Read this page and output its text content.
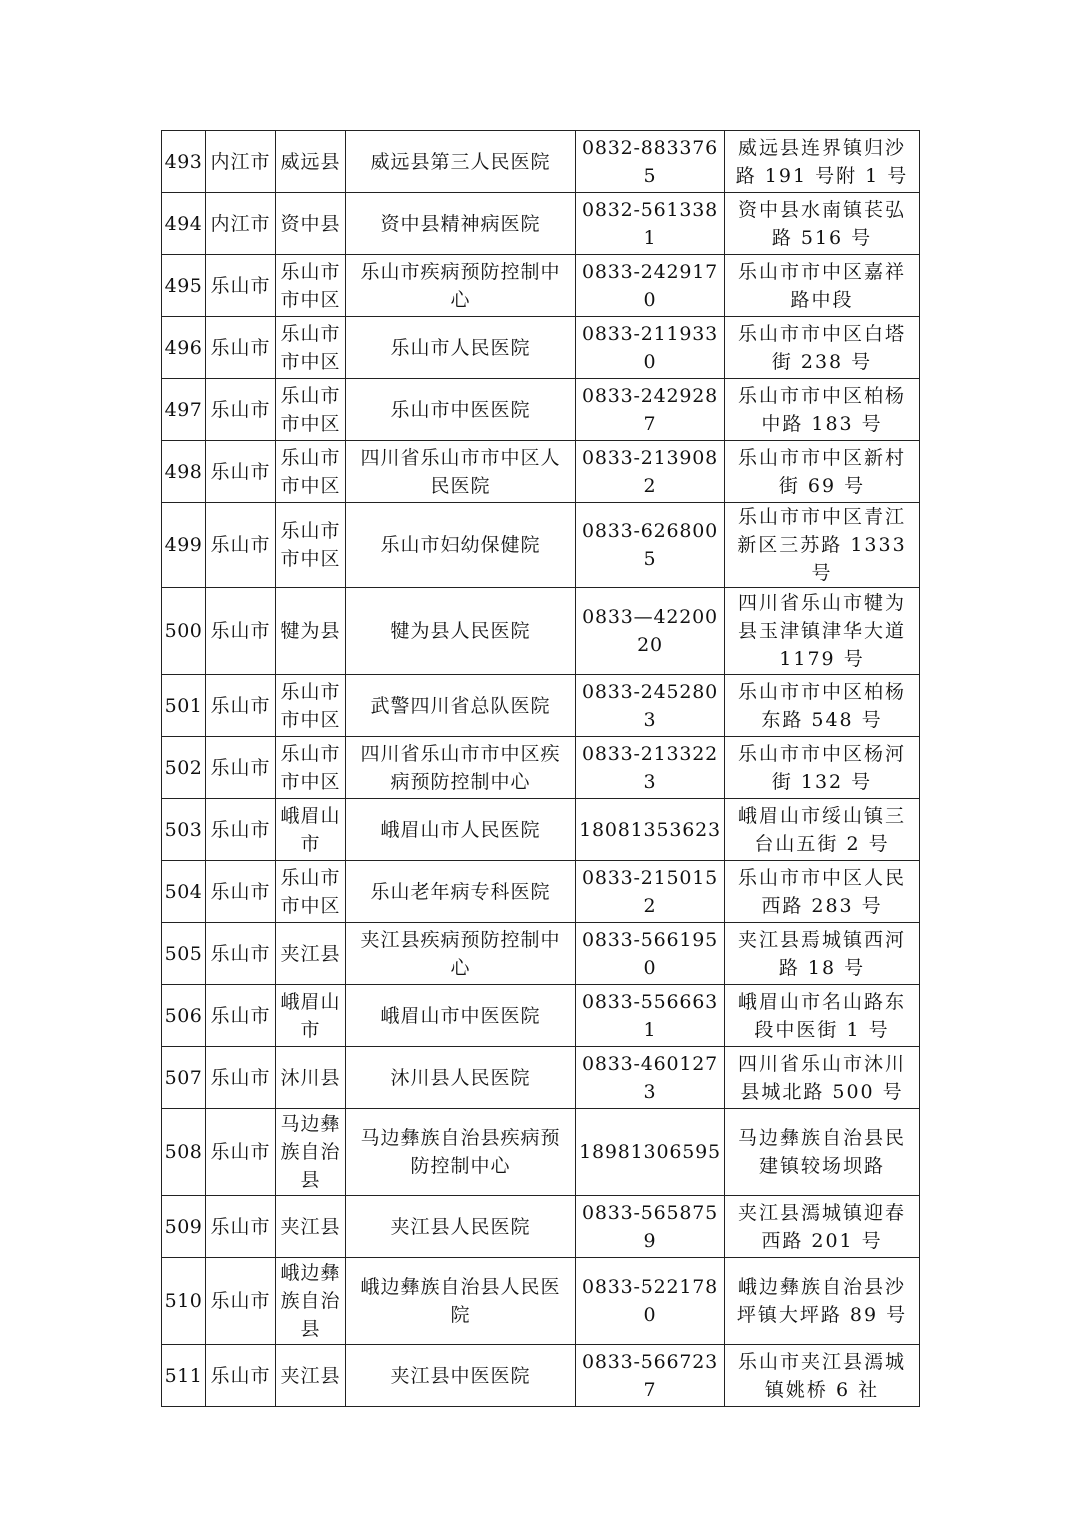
493	内江市	威远县	威远县第三人民医院	0832-8833765	威远县连界镇归沙路 191 号附 1 号
494	内江市	资中县	资中县精神病医院	0832-5613381	资中县水南镇苌弘路 516 号
495	乐山市	乐山市市中区	乐山市疾病预防控制中心	0833-2429170	乐山市市中区嘉祥路中段
496	乐山市	乐山市市中区	乐山市人民医院	0833-2119330	乐山市市中区白塔街 238 号
497	乐山市	乐山市市中区	乐山市中医医院	0833-2429287	乐山市市中区柏杨中路 183 号
498	乐山市	乐山市市中区	四川省乐山市市中区人民医院	0833-2139082	乐山市市中区新村街 69 号
499	乐山市	乐山市市中区	乐山市妇幼保健院	0833-6268005	乐山市市中区青江新区三苏路 1333 号
500	乐山市	犍为县	犍为县人民医院	0833—4220020	四川省乐山市犍为县玉津镇津华大道 1179 号
501	乐山市	乐山市市中区	武警四川省总队医院	0833-2452803	乐山市市中区柏杨东路 548 号
502	乐山市	乐山市市中区	四川省乐山市市中区疾病预防控制中心	0833-2133223	乐山市市中区杨河街 132 号
503	乐山市	峨眉山市	峨眉山市人民医院	18081353623	峨眉山市绥山镇三台山五街 2 号
504	乐山市	乐山市市中区	乐山老年病专科医院	0833-2150152	乐山市市中区人民西路 283 号
505	乐山市	夹江县	夹江县疾病预防控制中心	0833-5661950	夹江县焉城镇西河路 18 号
506	乐山市	峨眉山市	峨眉山市中医医院	0833-5566631	峨眉山市名山路东段中医街 1 号
507	乐山市	沐川县	沐川县人民医院	0833-4601273	四川省乐山市沐川县城北路 500 号
508	乐山市	马边彝族自治县	马边彝族自治县疾病预防控制中心	18981306595	马边彝族自治县民建镇较场坝路
509	乐山市	夹江县	夹江县人民医院	0833-5658759	夹江县漹城镇迎春西路 201 号
510	乐山市	峨边彝族自治县	峨边彝族自治县人民医院	0833-5221780	峨边彝族自治县沙坪镇大坪路 89 号
511	乐山市	夹江县	夹江县中医医院	0833-5667237	乐山市夹江县漹城镇姚桥 6 社
